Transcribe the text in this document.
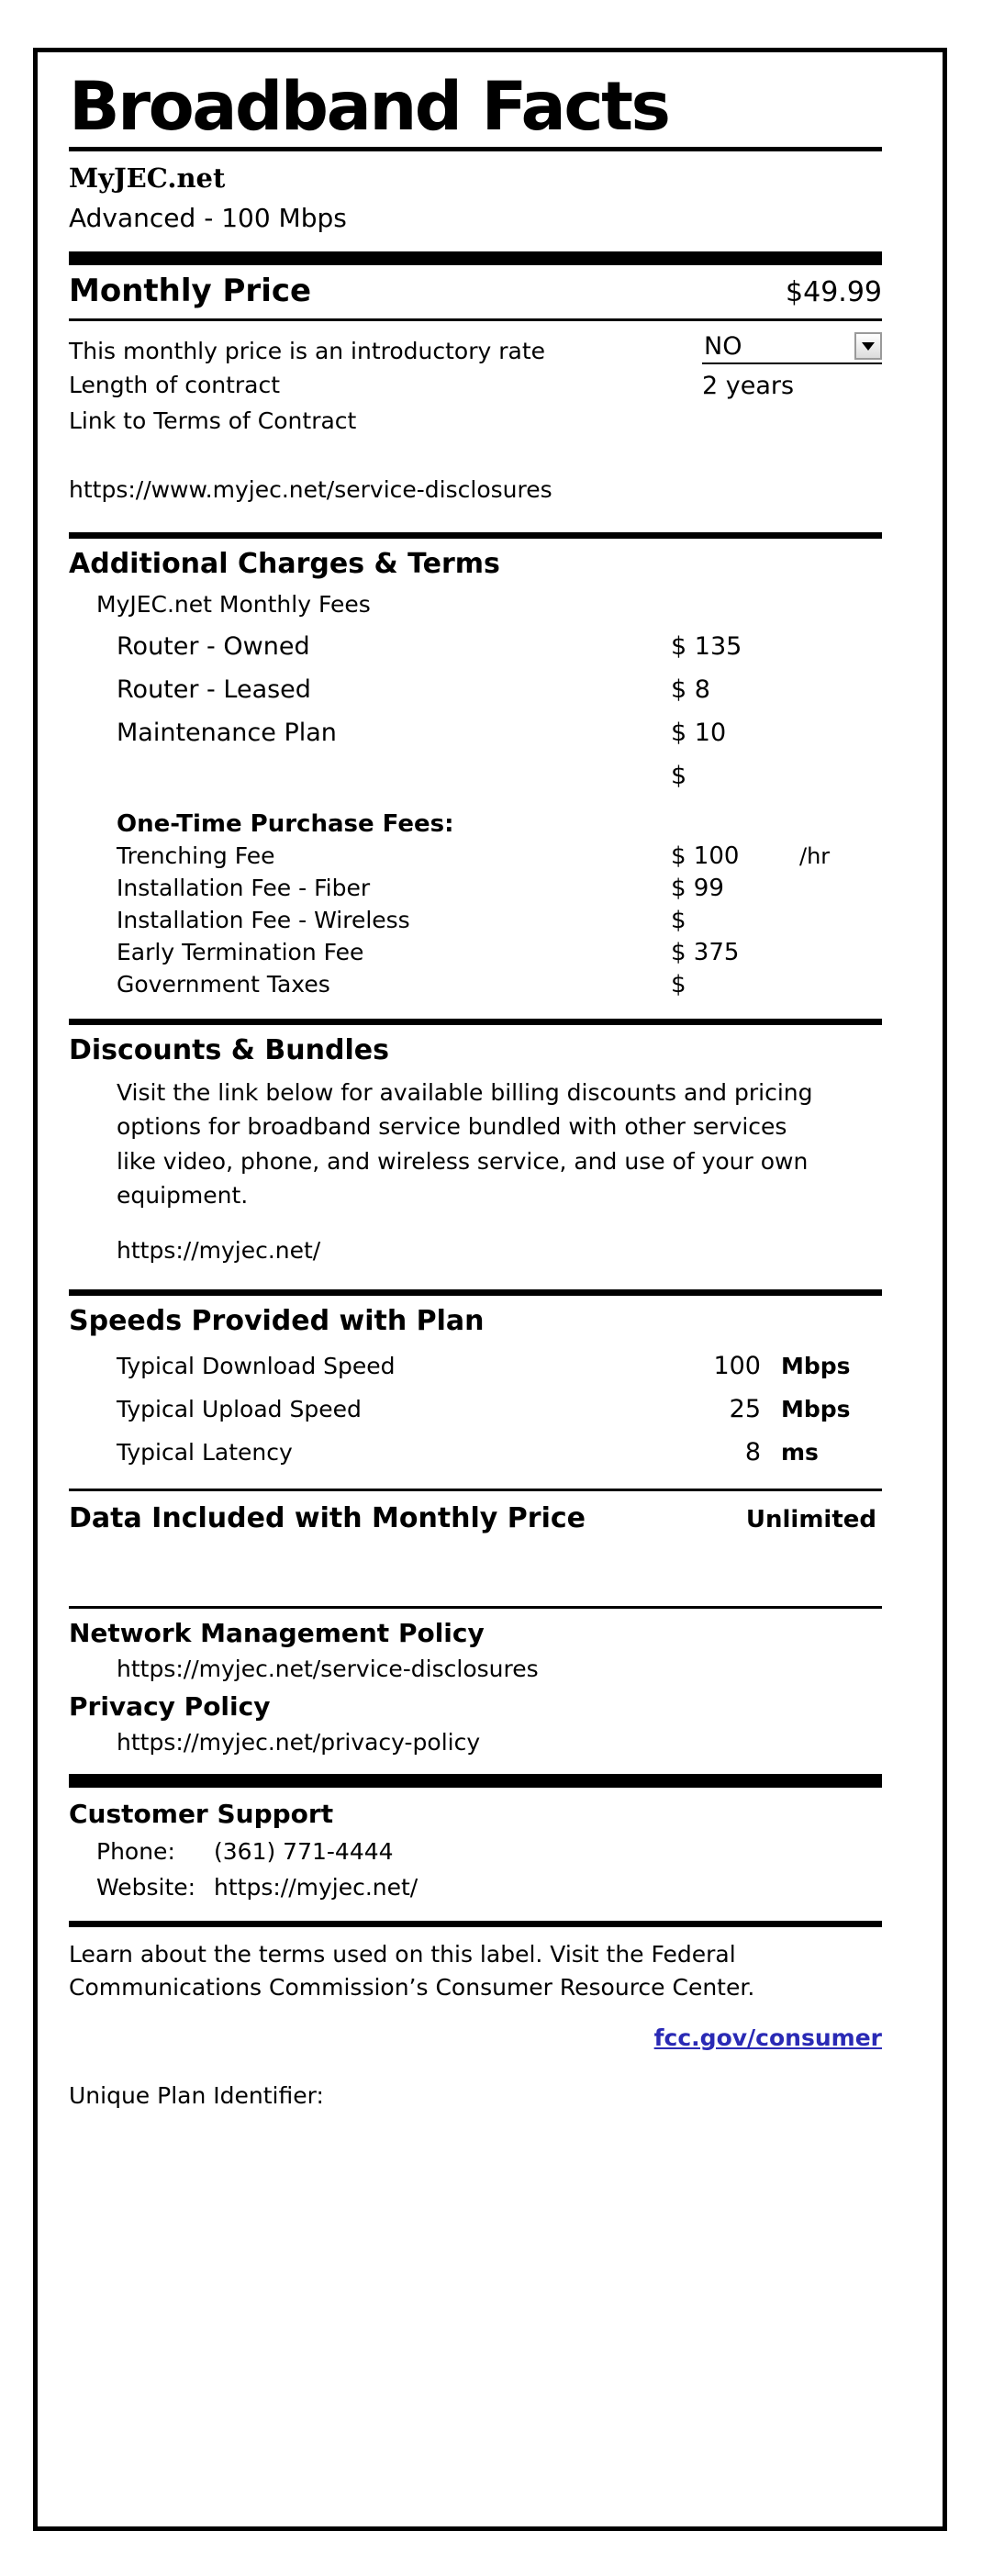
Broadband Facts
MyJEC.net
Advanced - 100 Mbps
Monthly Price	$49.99
This monthly price is an introductory rate	NO
Length of contract	2 years
Link to Terms of Contract
https://www.myjec.net/service-disclosures
Additional Charges & Terms
MyJEC.net Monthly Fees
Router - Owned	$ 135
Router - Leased	$ 8
Maintenance Plan	$ 10
$
One-Time Purchase Fees:
Trenching Fee	$ 100	/hr
Installation Fee - Fiber	$ 99
Installation Fee - Wireless	$
Early Termination Fee	$ 375
Government Taxes	$
Discounts & Bundles
Visit the link below for available billing discounts and pricing options for broadband service bundled with other services like video, phone, and wireless service, and use of your own equipment.
https://myjec.net/
Speeds Provided with Plan
Typical Download Speed	100 Mbps
Typical Upload Speed	25 Mbps
Typical Latency	8 ms
Data Included with Monthly Price	Unlimited
Network Management Policy
https://myjec.net/service-disclosures
Privacy Policy
https://myjec.net/privacy-policy
Customer Support
Phone:	(361) 771-4444
Website: https://myjec.net/
Learn about the terms used on this label. Visit the Federal Communications Commission’s Consumer Resource Center.
fcc.gov/consumer
Unique Plan Identifier:
